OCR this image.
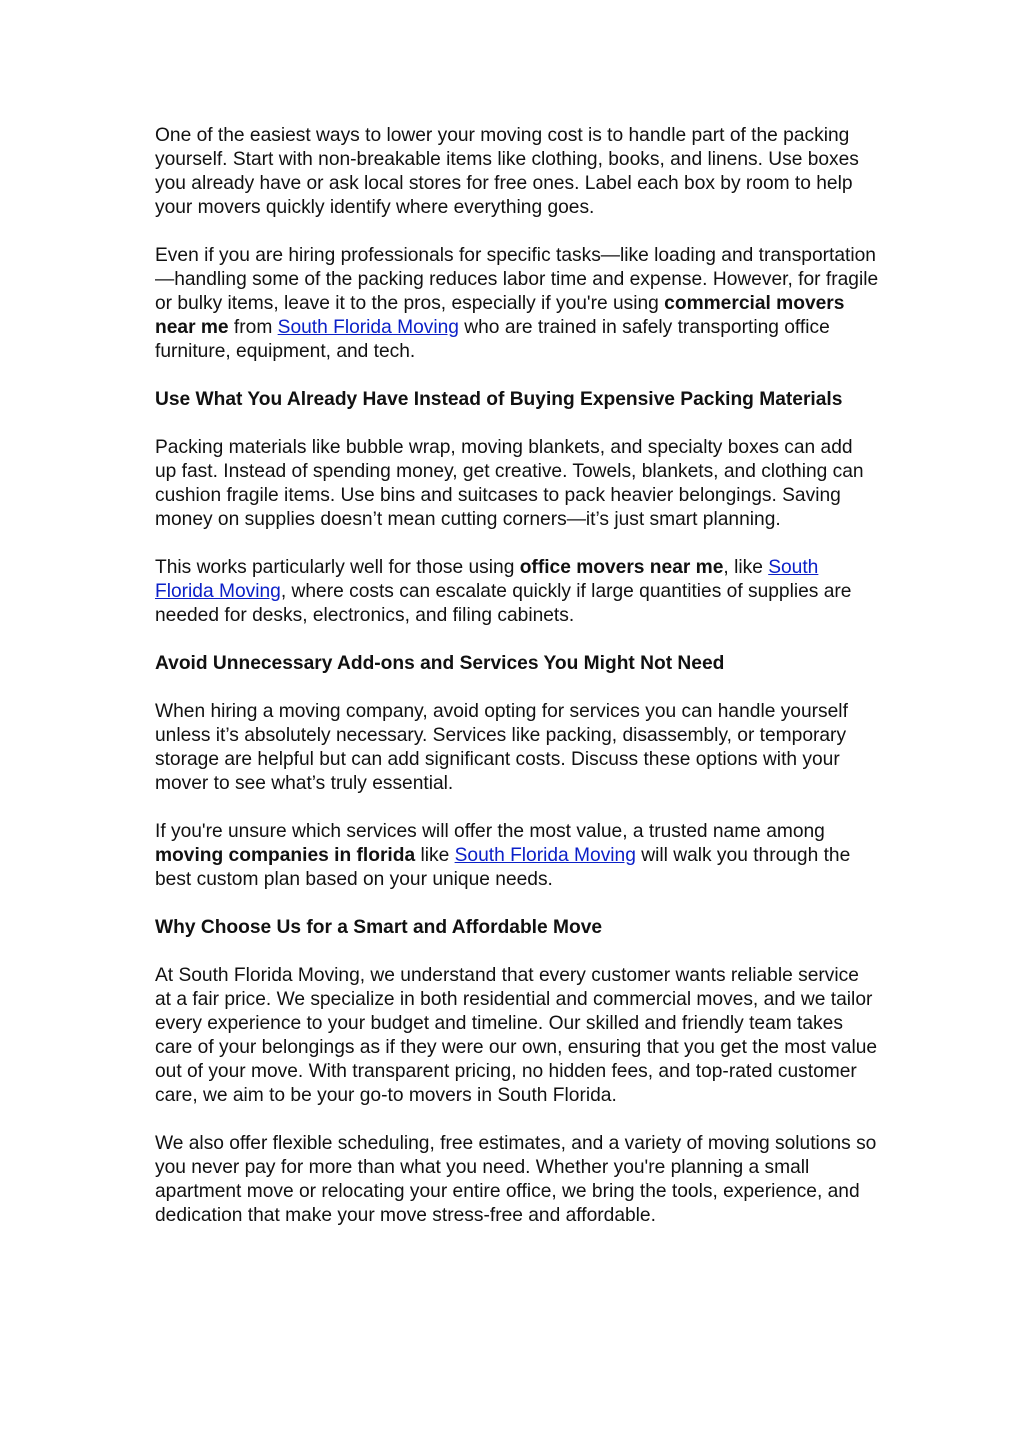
One of the easiest ways to lower your moving cost is to handle part of the packing yourself. Start with non-breakable items like clothing, books, and linens. Use boxes you already have or ask local stores for free ones. Label each box by room to help your movers quickly identify where everything goes.

Even if you are hiring professionals for specific tasks—like loading and transportation—handling some of the packing reduces labor time and expense. However, for fragile or bulky items, leave it to the pros, especially if you're using commercial movers near me from South Florida Moving who are trained in safely transporting office furniture, equipment, and tech.

Use What You Already Have Instead of Buying Expensive Packing Materials

Packing materials like bubble wrap, moving blankets, and specialty boxes can add up fast. Instead of spending money, get creative. Towels, blankets, and clothing can cushion fragile items. Use bins and suitcases to pack heavier belongings. Saving money on supplies doesn’t mean cutting corners—it’s just smart planning.

This works particularly well for those using office movers near me, like South Florida Moving, where costs can escalate quickly if large quantities of supplies are needed for desks, electronics, and filing cabinets.

Avoid Unnecessary Add-ons and Services You Might Not Need

When hiring a moving company, avoid opting for services you can handle yourself unless it’s absolutely necessary. Services like packing, disassembly, or temporary storage are helpful but can add significant costs. Discuss these options with your mover to see what’s truly essential.

If you're unsure which services will offer the most value, a trusted name among moving companies in florida like South Florida Moving will walk you through the best custom plan based on your unique needs.

Why Choose Us for a Smart and Affordable Move

At South Florida Moving, we understand that every customer wants reliable service at a fair price. We specialize in both residential and commercial moves, and we tailor every experience to your budget and timeline. Our skilled and friendly team takes care of your belongings as if they were our own, ensuring that you get the most value out of your move. With transparent pricing, no hidden fees, and top-rated customer care, we aim to be your go-to movers in South Florida.

We also offer flexible scheduling, free estimates, and a variety of moving solutions so you never pay for more than what you need. Whether you're planning a small apartment move or relocating your entire office, we bring the tools, experience, and dedication that make your move stress-free and affordable.
